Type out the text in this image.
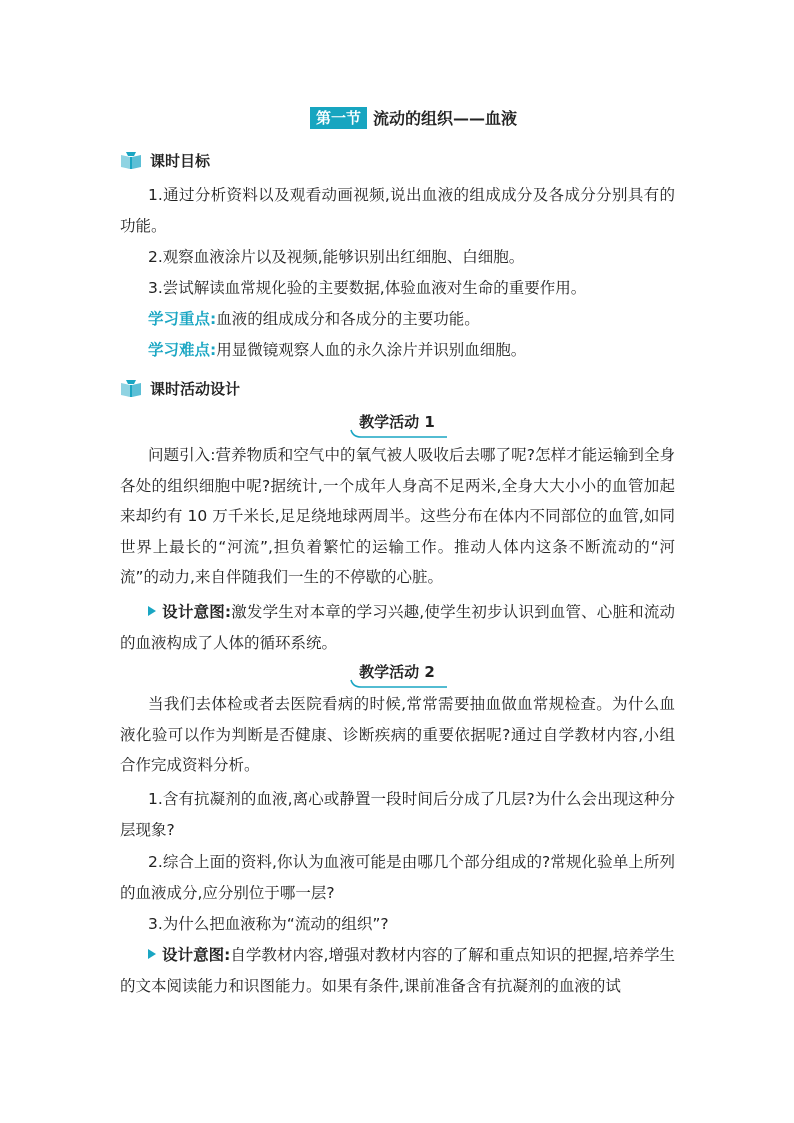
第一节 流动的组织——血液
课时目标
1.通过分析资料以及观看动画视频,说出血液的组成成分及各成分分别具有的功能。
2.观察血液涂片以及视频,能够识别出红细胞、白细胞。
3.尝试解读血常规化验的主要数据,体验血液对生命的重要作用。
学习重点:血液的组成成分和各成分的主要功能。
学习难点:用显微镜观察人血的永久涂片并识别血细胞。
课时活动设计
教学活动 1
问题引入:营养物质和空气中的氧气被人吸收后去哪了呢?怎样才能运输到全身各处的组织细胞中呢?据统计,一个成年人身高不足两米,全身大大小小的血管加起来却约有 10 万千米长,足足绕地球两周半。这些分布在体内不同部位的血管,如同世界上最长的“河流”,担负着繁忙的运输工作。推动人体内这条不断流动的“河流”的动力,来自伴随我们一生的不停歇的心脏。
设计意图:激发学生对本章的学习兴趣,使学生初步认识到血管、心脏和流动的血液构成了人体的循环系统。
教学活动 2
当我们去体检或者去医院看病的时候,常常需要抽血做血常规检查。为什么血液化验可以作为判断是否健康、诊断疾病的重要依据呢?通过自学教材内容,小组合作完成资料分析。
1.含有抗凝剂的血液,离心或静置一段时间后分成了几层?为什么会出现这种分层现象?
2.综合上面的资料,你认为血液可能是由哪几个部分组成的?常规化验单上所列的血液成分,应分别位于哪一层?
3.为什么把血液称为“流动的组织”?
设计意图:自学教材内容,增强对教材内容的了解和重点知识的把握,培养学生的文本阅读能力和识图能力。如果有条件,课前准备含有抗凝剂的血液的试
